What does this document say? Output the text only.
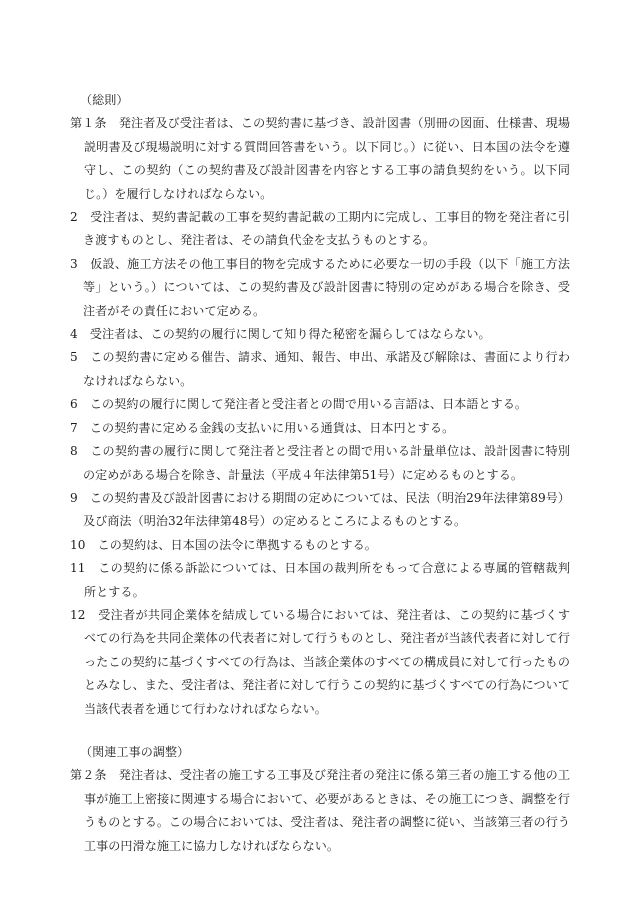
（総則）
第１条　発注者及び受注者は、この契約書に基づき、設計図書（別冊の図面、仕様書、現場説明書及び現場説明に対する質問回答書をいう。以下同じ。）に従い、日本国の法令を遵守し、この契約（この契約書及び設計図書を内容とする工事の請負契約をいう。以下同じ。）を履行しなければならない。
2　受注者は、契約書記載の工事を契約書記載の工期内に完成し、工事目的物を発注者に引き渡すものとし、発注者は、その請負代金を支払うものとする。
3　仮設、施工方法その他工事目的物を完成するために必要な一切の手段（以下「施工方法等」という。）については、この契約書及び設計図書に特別の定めがある場合を除き、受注者がその責任において定める。
4　受注者は、この契約の履行に関して知り得た秘密を漏らしてはならない。
5　この契約書に定める催告、請求、通知、報告、申出、承諾及び解除は、書面により行わなければならない。
6　この契約の履行に関して発注者と受注者との間で用いる言語は、日本語とする。
7　この契約書に定める金銭の支払いに用いる通貨は、日本円とする。
8　この契約書の履行に関して発注者と受注者との間で用いる計量単位は、設計図書に特別の定めがある場合を除き、計量法（平成４年法律第51号）に定めるものとする。
9　この契約書及び設計図書における期間の定めについては、民法（明治29年法律第89号）及び商法（明治32年法律第48号）の定めるところによるものとする。
10　この契約は、日本国の法令に準拠するものとする。
11　この契約に係る訴訟については、日本国の裁判所をもって合意による専属的管轄裁判所とする。
12　受注者が共同企業体を結成している場合においては、発注者は、この契約に基づくすべての行為を共同企業体の代表者に対して行うものとし、発注者が当該代表者に対して行ったこの契約に基づくすべての行為は、当該企業体のすべての構成員に対して行ったものとみなし、また、受注者は、発注者に対して行うこの契約に基づくすべての行為について当該代表者を通じて行わなければならない。
（関連工事の調整）
第２条　発注者は、受注者の施工する工事及び発注者の発注に係る第三者の施工する他の工事が施工上密接に関連する場合において、必要があるときは、その施工につき、調整を行うものとする。この場合においては、受注者は、発注者の調整に従い、当該第三者の行う工事の円滑な施工に協力しなければならない。
